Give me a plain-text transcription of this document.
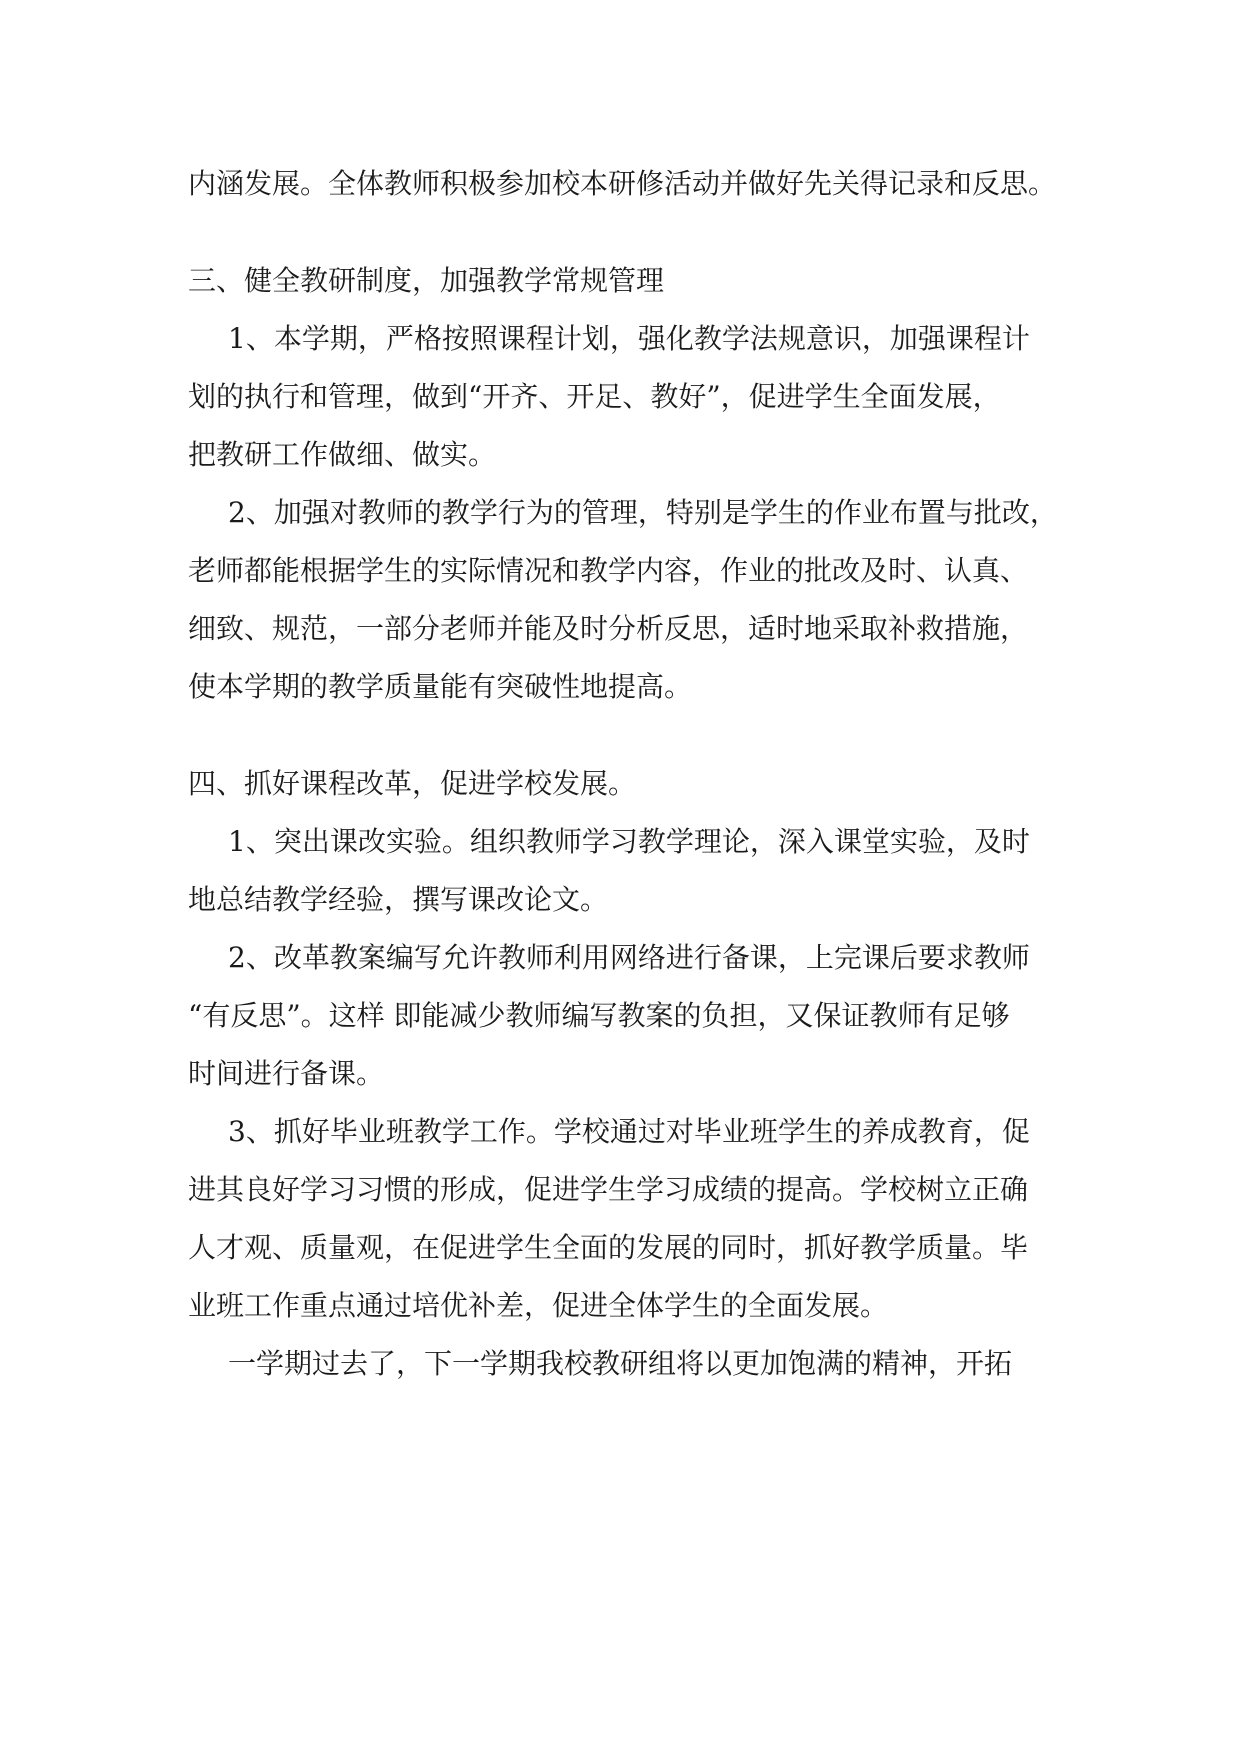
内涵发展。全体教师积极参加校本研修活动并做好先关得记录和反思。
三、健全教研制度，加强教学常规管理
1、本学期，严格按照课程计划，强化教学法规意识，加强课程计
划的执行和管理，做到“开齐、开足、教好”，促进学生全面发展，
把教研工作做细、做实。
2、加强对教师的教学行为的管理，特别是学生的作业布置与批改，
老师都能根据学生的实际情况和教学内容，作业的批改及时、认真、
细致、规范，一部分老师并能及时分析反思，适时地采取补救措施，
使本学期的教学质量能有突破性地提高。
四、抓好课程改革，促进学校发展。
1、突出课改实验。组织教师学习教学理论，深入课堂实验，及时
地总结教学经验，撰写课改论文。
2、改革教案编写允许教师利用网络进行备课，上完课后要求教师
“有反思”。这样 即能减少教师编写教案的负担，又保证教师有足够
时间进行备课。
3、抓好毕业班教学工作。学校通过对毕业班学生的养成教育，促
进其良好学习习惯的形成，促进学生学习成绩的提高。学校树立正确
人才观、质量观，在促进学生全面的发展的同时，抓好教学质量。毕
业班工作重点通过培优补差，促进全体学生的全面发展。
一学期过去了，下一学期我校教研组将以更加饱满的精神，开拓
